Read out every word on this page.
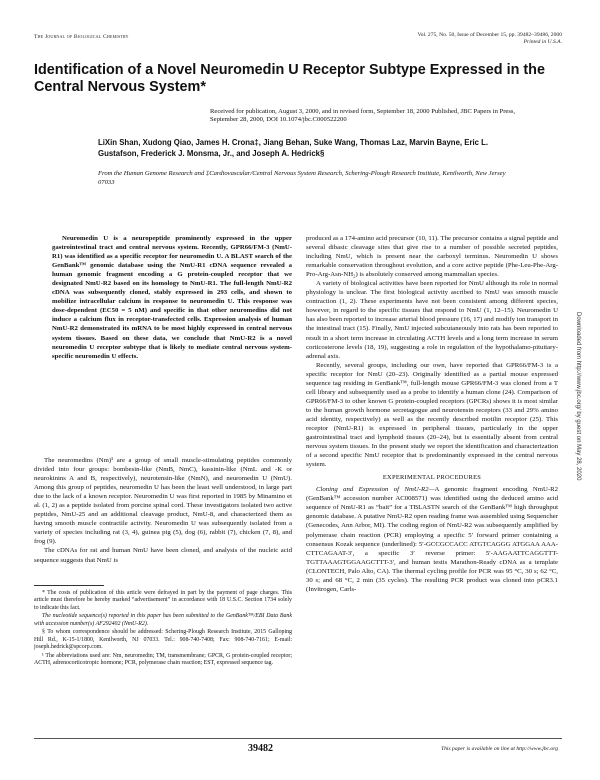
The Journal of Biological Chemistry	Vol. 275, No. 50, Issue of December 15, pp. 39482–39486, 2000
Printed in U.S.A.
Identification of a Novel Neuromedin U Receptor Subtype Expressed in the Central Nervous System*
Received for publication, August 3, 2000, and in revised form, September 18, 2000 Published, JBC Papers in Press, September 28, 2000, DOI 10.1074/jbc.C000522200
LiXin Shan, Xudong Qiao, James H. Crona‡, Jiang Behan, Suke Wang, Thomas Laz, Marvin Bayne, Eric L. Gustafson, Frederick J. Monsma, Jr., and Joseph A. Hedrick§
From the Human Genome Research and ‡Cardiovascular/Central Nervous System Research, Schering-Plough Research Institute, Kenilworth, New Jersey 07033

Neuromedin U is a neuropeptide prominently expressed in the upper gastrointestinal tract and central nervous system. Recently, GPR66/FM-3 (NmU-R1) was identified as a specific receptor for neuromedin U. A BLAST search of the GenBank™ genomic database using the NmU-R1 cDNA sequence revealed a human genomic fragment encoding a G protein-coupled receptor that we designated NmU-R2 based on its homology to NmU-R1. The full-length NmU-R2 cDNA was subsequently cloned, stably expressed in 293 cells, and shown to mobilize intracellular calcium in response to neuromedin U. This response was dose-dependent (EC50 = 5 nM) and specific in that other neuromedins did not induce a calcium flux in receptor-transfected cells. Expression analysis of human NmU-R2 demonstrated its mRNA to be most highly expressed in central nervous system tissues. Based on these data, we conclude that NmU-R2 is a novel neuromedin U receptor subtype that is likely to mediate central nervous system-specific neuromedin U effects.

The neuromedins (Nm)¹ are a group of small muscle-stimulating peptides commonly divided into four groups: bombesin-like (NmB, NmC), kassinin-like (NmL and -K or neurokinins A and B, respectively), neurotensin-like (NmN), and neuromedin U (NmU). Among this group of peptides, neuromedin U has been the least well understood, in large part due to the lack of a known receptor. Neuromedin U was first reported in 1985 by Minamino et al. (1, 2) as a peptide isolated from porcine spinal cord. These investigators isolated two active peptides, NmU-25 and an additional cleavage product, NmU-8, and characterized them as having smooth muscle contractile activity. Neuromedin U was subsequently isolated from a variety of species including rat (3, 4), guinea pig (5), dog (6), rabbit (7), chicken (7, 8), and frog (9).

The cDNAs for rat and human NmU have been cloned, and analysis of the nucleic acid sequence suggests that NmU is

* The costs of publication of this article were defrayed in part by the payment of page charges. This article must therefore be hereby marked “advertisement” in accordance with 18 U.S.C. Section 1734 solely to indicate this fact.

The nucleotide sequence(s) reported in this paper has been submitted to the GenBank™/EBI Data Bank with accession number(s) AF292402 (NmU-R2).

§ To whom correspondence should be addressed: Schering-Plough Research Institute, 2015 Galloping Hill Rd., K-15-1/1800, Kenilworth, NJ 07033. Tel.: 908-740-7408; Fax: 908-740-7161; E-mail: joseph.hedrick@spcorp.com.

¹ The abbreviations used are: Nm, neuromedin; TM, transmembrane; GPCR, G protein-coupled receptor; ACTH, adrenocorticotropic hormone; PCR, polymerase chain reaction; EST, expressed sequence tag.

produced as a 174-amino acid precursor (10, 11). The precursor contains a signal peptide and several dibasic cleavage sites that give rise to a number of possible secreted peptides, including NmU, which is present near the carboxyl terminus. Neuromedin U shows remarkable conservation throughout evolution, and a core active peptide (Phe-Leu-Phe-Arg-Pro-Arg-Asn-NH₂) is absolutely conserved among mammalian species.

A variety of biological activities have been reported for NmU although its role in normal physiology is unclear. The first biological activity ascribed to NmU was smooth muscle contraction (1, 2). These experiments have not been consistent among different species, however, in regard to the specific tissues that respond to NmU (1, 12–15). Neuromedin U has also been reported to increase arterial blood pressure (16, 17) and modify ion transport in the intestinal tract (15). Finally, NmU injected subcutaneously into rats has been reported to result in a short term increase in circulating ACTH levels and a long term increase in serum corticosterone levels (18, 19), suggesting a role in regulation of the hypothalamo-pituitary-adrenal axis.

Recently, several groups, including our own, have reported that GPR66/FM-3 is a specific receptor for NmU (20–23). Originally identified as a partial mouse expressed sequence tag residing in GenBank™, full-length mouse GPR66/FM-3 was cloned from a T cell library and subsequently used as a probe to identify a human clone (24). Comparison of GPR66/FM-3 to other known G protein-coupled receptors (GPCRs) shows it is most similar to the human growth hormone secretagogue and neurotensin receptors (33 and 29% amino acid identity, respectively) as well as the recently described motilin receptor (25). This receptor (NmU-R1) is expressed in peripheral tissues, particularly in the upper gastrointestinal tract and lymphoid tissues (20–24), but is essentially absent from central nervous system tissues. In the present study we report the identification and characterization of a second specific NmU receptor that is predominantly expressed in the central nervous system.

EXPERIMENTAL PROCEDURES

Cloning and Expression of NmU-R2—A genomic fragment encoding NmU-R2 (GenBank™ accession number AC008571) was identified using the deduced amino acid sequence of NmU-R1 as “bait” for a TBLASTN search of the GenBank™ high throughput genomic database. A putative NmU-R2 open reading frame was assembled using Sequencher (Genecodes, Ann Arbor, MI). The coding region of NmU-R2 was subsequently amplified by polymerase chain reaction (PCR) employing a specific 5′ forward primer containing a consensus Kozak sequence (underlined): 5′-GCCGCCACC ATGTCAGGG ATGGAA AAA-CTTCAGAAT-3′, a specific 3′ reverse primer: 5′-AAGAATTCAGGTTT-TGTTAAAGTGGAAGCTTT-3′, and human testis Marathon-Ready cDNA as a template (CLONTECH, Palo Alto, CA). The thermal cycling profile for PCR was 95 °C, 30 s; 62 °C, 30 s; and 68 °C, 2 min (35 cycles). The resulting PCR product was cloned into pCR3.1 (Invitrogen, Carls-

39482	This paper is available on line at http://www.jbc.org
Downloaded from http://www.jbc.org/ by guest on May 28, 2020
